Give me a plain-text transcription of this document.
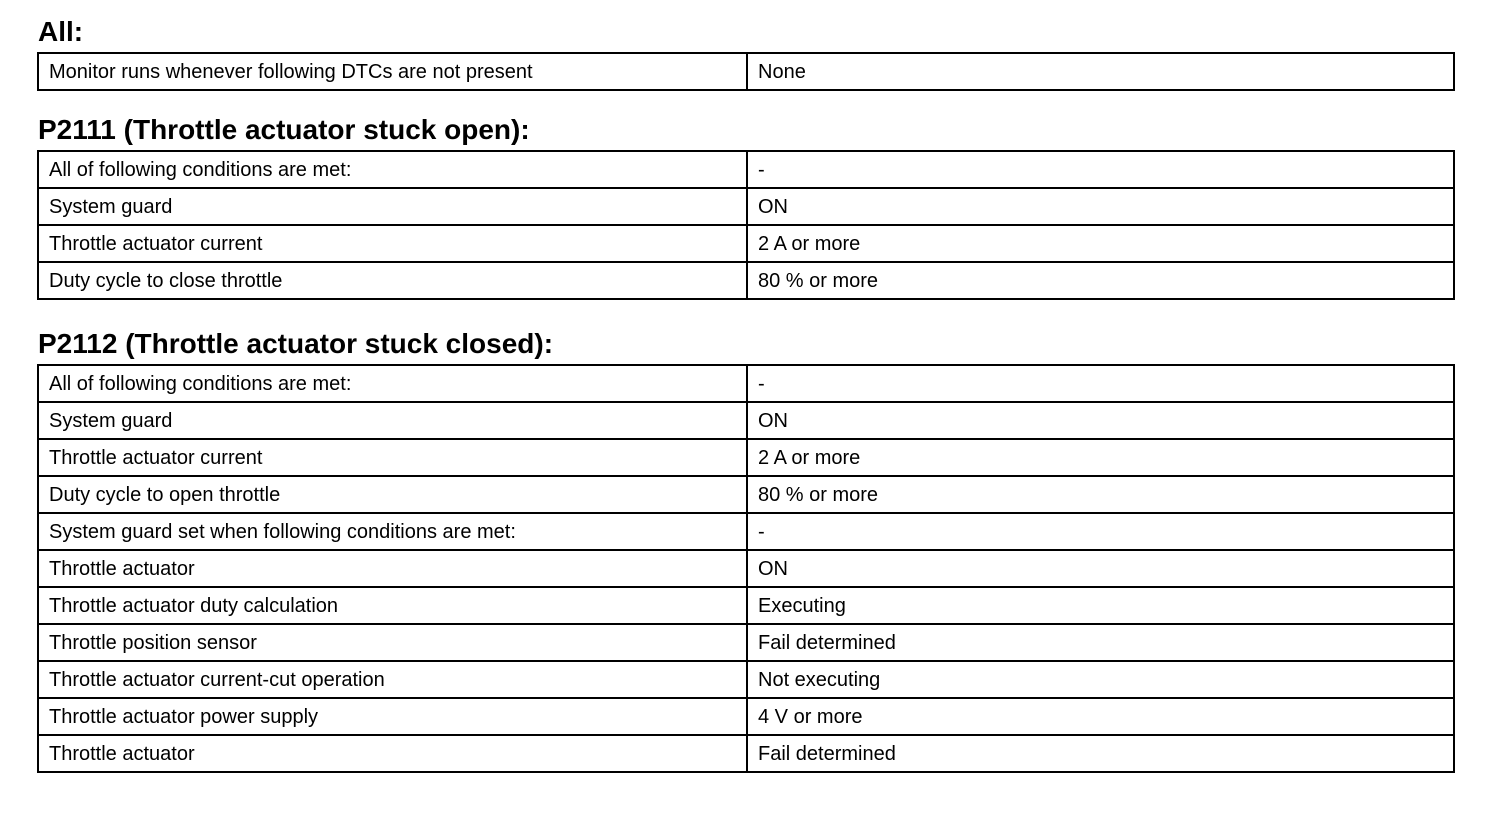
All:
Monitor runs whenever following DTCs are not present	None
P2111 (Throttle actuator stuck open):
All of following conditions are met:	-
System guard	ON
Throttle actuator current	2 A or more
Duty cycle to close throttle	80 % or more
P2112 (Throttle actuator stuck closed):
All of following conditions are met:	-
System guard	ON
Throttle actuator current	2 A or more
Duty cycle to open throttle	80 % or more
System guard set when following conditions are met:	-
Throttle actuator	ON
Throttle actuator duty calculation	Executing
Throttle position sensor	Fail determined
Throttle actuator current-cut operation	Not executing
Throttle actuator power supply	4 V or more
Throttle actuator	Fail determined
